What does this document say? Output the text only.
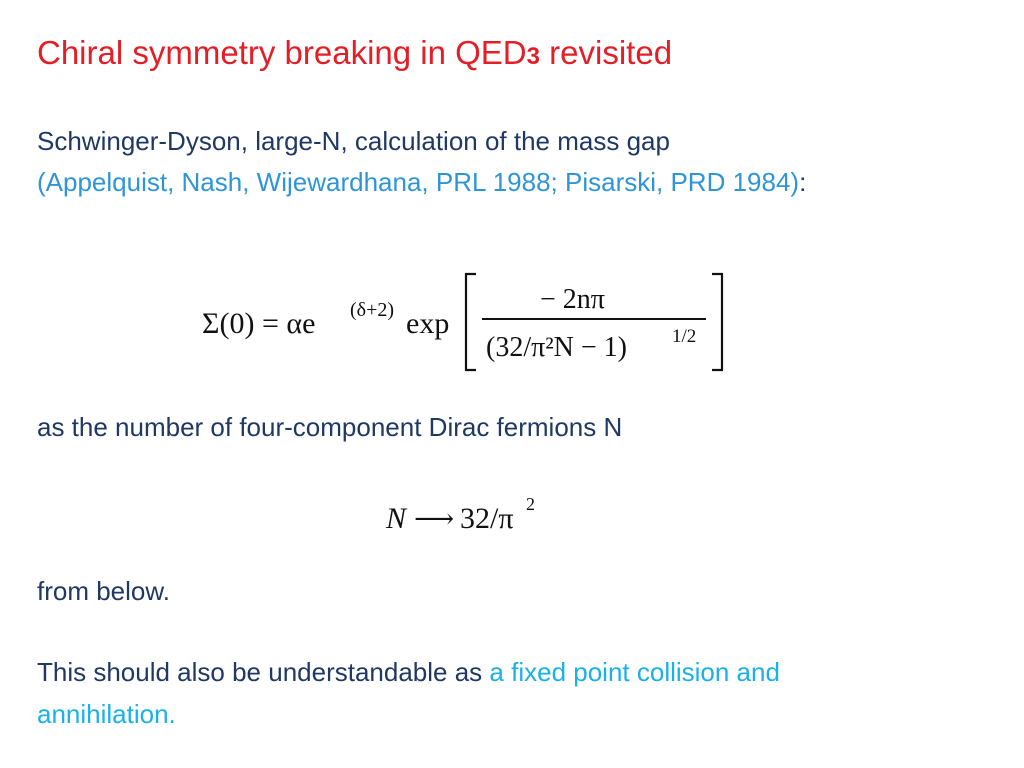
Chiral symmetry breaking in QED3 revisited
Schwinger-Dyson, large-N, calculation of the mass gap
(Appelquist, Nash, Wijewardhana, PRL 1988; Pisarski, PRD 1984):
Σ(0) = αe (δ+2) exp
− 2nπ
(32/π²N − 1) 1/2
as the number of four-component Dirac fermions N
N ⟶ 32/π 2
from below.
This should also be understandable as a fixed point collision and
annihilation.
